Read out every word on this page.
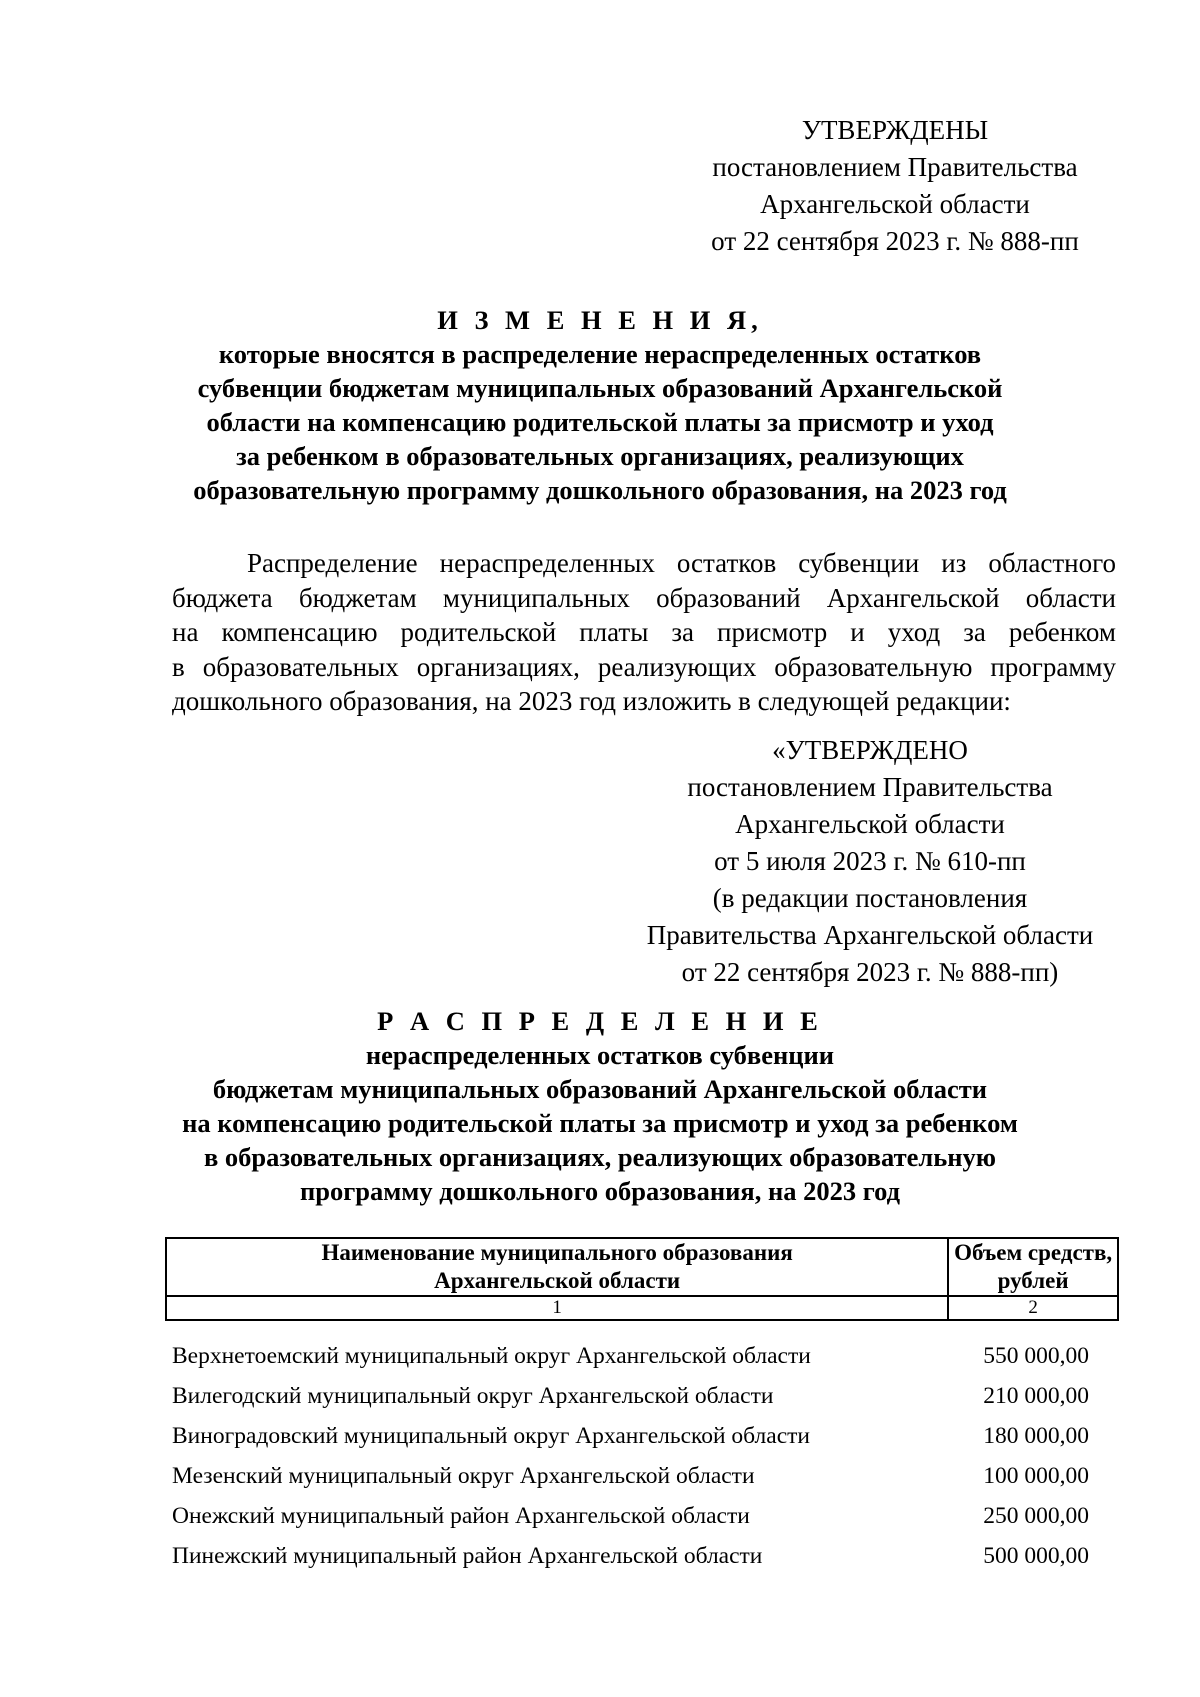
УТВЕРЖДЕНЫ
постановлением Правительства
Архангельской области
от 22 сентября 2023 г. № 888-пп
И З М Е Н Е Н И Я,
которые вносятся в распределение нераспределенных остатков
субвенции бюджетам муниципальных образований Архангельской
области на компенсацию родительской платы за присмотр и уход
за ребенком в образовательных организациях, реализующих
образовательную программу дошкольного образования, на 2023 год
Распределение нераспределенных остатков субвенции из областного
бюджета бюджетам муниципальных образований Архангельской области
на компенсацию родительской платы за присмотр и уход за ребенком
в образовательных организациях, реализующих образовательную программу
дошкольного образования, на 2023 год изложить в следующей редакции:
«УТВЕРЖДЕНО
постановлением Правительства
Архангельской области
от 5 июля 2023 г. № 610-пп
(в редакции постановления
Правительства Архангельской области
от 22 сентября 2023 г. № 888-пп)
Р А С П Р Е Д Е Л Е Н И Е
нераспределенных остатков субвенции
бюджетам муниципальных образований Архангельской области
на компенсацию родительской платы за присмотр и уход за ребенком
в образовательных организациях, реализующих образовательную
программу дошкольного образования, на 2023 год
Наименование муниципального образования
Архангельской области	Объем средств,
рублей
1	2
Верхнетоемский муниципальный округ Архангельской области	550 000,00
Вилегодский муниципальный округ Архангельской области	210 000,00
Виноградовский муниципальный округ Архангельской области	180 000,00
Мезенский муниципальный округ Архангельской области	100 000,00
Онежский муниципальный район Архангельской области	250 000,00
Пинежский муниципальный район Архангельской области	500 000,00
